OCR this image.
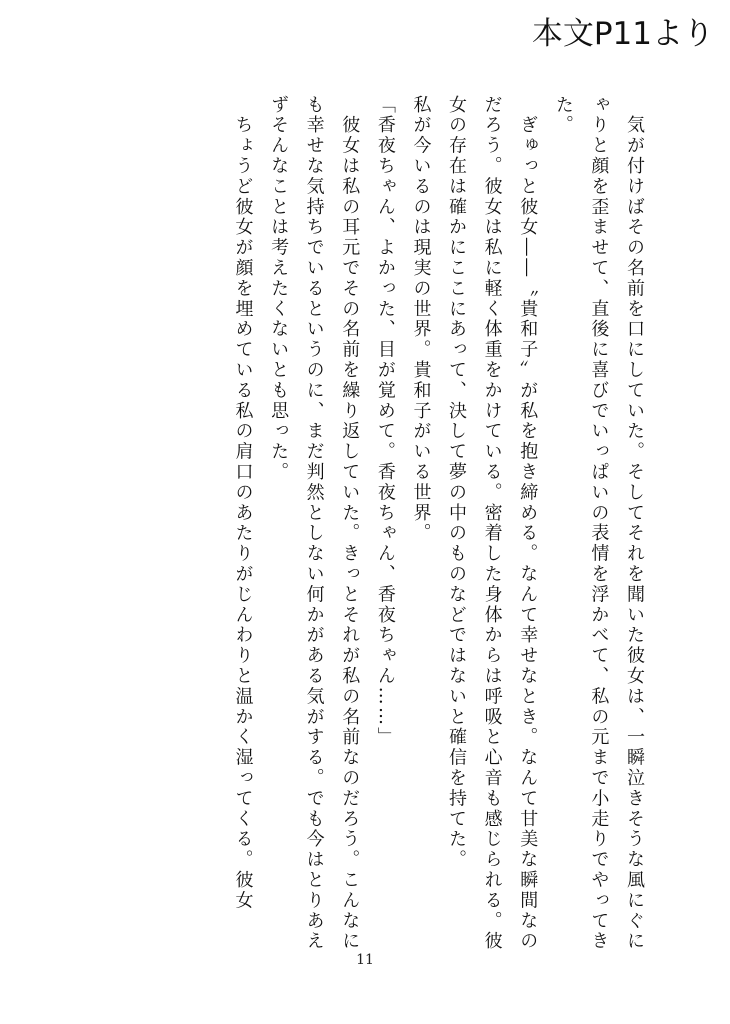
本文P11より

　気が付けばその名前を口にしていた。そしてそれを聞いた彼女は、一瞬泣きそうな風にぐにゃりと顔を歪ませて、直後に喜びでいっぱいの表情を浮かべて、私の元まで小走りでやってきた。

　ぎゅっと彼女――〝貴和子〟が私を抱き締める。なんて幸せなとき。なんて甘美な瞬間なのだろう。彼女は私に軽く体重をかけている。密着した身体からは呼吸と心音も感じられる。彼女の存在は確かにここにあって、決して夢の中のものなどではないと確信を持てた。

私が今いるのは現実の世界。貴和子がいる世界。

「香夜ちゃん、よかった、目が覚めて。香夜ちゃん、香夜ちゃん……」

　彼女は私の耳元でその名前を繰り返していた。きっとそれが私の名前なのだろう。こんなにも幸せな気持ちでいるというのに、まだ判然としない何かがある気がする。でも今はとりあえずそんなことは考えたくないとも思った。

　ちょうど彼女が顔を埋めている私の肩口のあたりがじんわりと温かく湿ってくる。彼女

11
